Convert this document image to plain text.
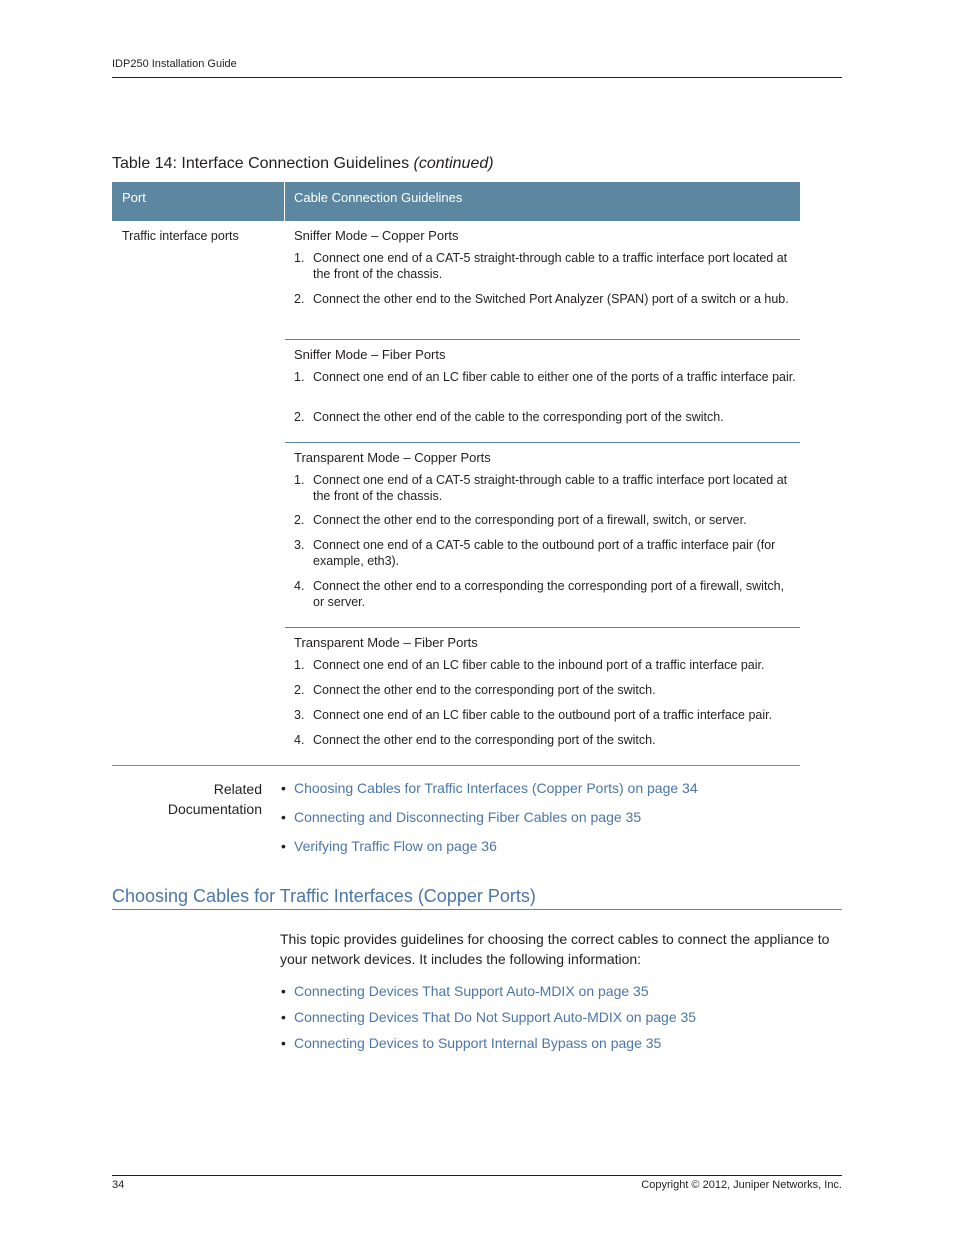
IDP250 Installation Guide
Table 14: Interface Connection Guidelines (continued)
Port	Cable Connection Guidelines
Traffic interface ports	Sniffer Mode – Copper Ports
1. Connect one end of a CAT-5 straight-through cable to a traffic interface port located at the front of the chassis.
2. Connect the other end to the Switched Port Analyzer (SPAN) port of a switch or a hub.
Sniffer Mode – Fiber Ports
1. Connect one end of an LC fiber cable to either one of the ports of a traffic interface pair.
2. Connect the other end of the cable to the corresponding port of the switch.
Transparent Mode – Copper Ports
1. Connect one end of a CAT-5 straight-through cable to a traffic interface port located at the front of the chassis.
2. Connect the other end to the corresponding port of a firewall, switch, or server.
3. Connect one end of a CAT-5 cable to the outbound port of a traffic interface pair (for example, eth3).
4. Connect the other end to a corresponding the corresponding port of a firewall, switch, or server.
Transparent Mode – Fiber Ports
1. Connect one end of an LC fiber cable to the inbound port of a traffic interface pair.
2. Connect the other end to the corresponding port of the switch.
3. Connect one end of an LC fiber cable to the outbound port of a traffic interface pair.
4. Connect the other end to the corresponding port of the switch.
Related
Documentation
• Choosing Cables for Traffic Interfaces (Copper Ports) on page 34
• Connecting and Disconnecting Fiber Cables on page 35
• Verifying Traffic Flow on page 36
Choosing Cables for Traffic Interfaces (Copper Ports)
This topic provides guidelines for choosing the correct cables to connect the appliance to your network devices. It includes the following information:
• Connecting Devices That Support Auto-MDIX on page 35
• Connecting Devices That Do Not Support Auto-MDIX on page 35
• Connecting Devices to Support Internal Bypass on page 35
34	Copyright © 2012, Juniper Networks, Inc.
